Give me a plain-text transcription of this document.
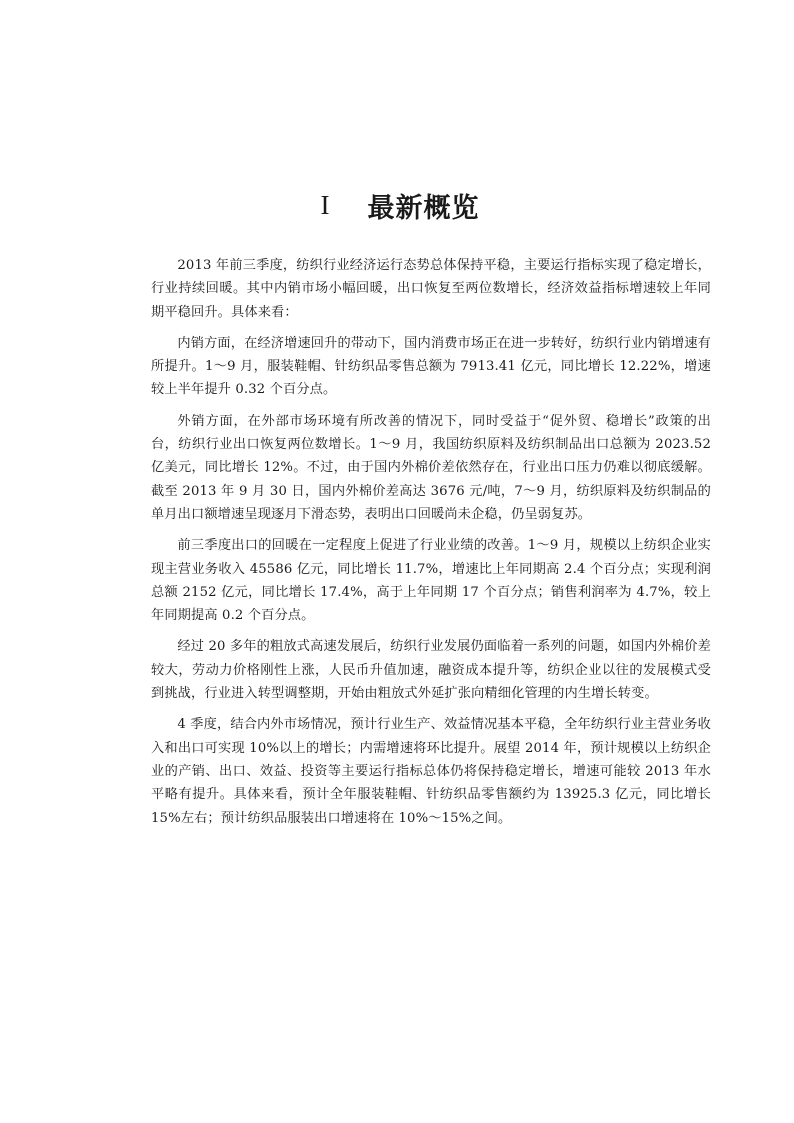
I 最新概览

2013 年前三季度，纺织行业经济运行态势总体保持平稳，主要运行指标实现了稳定增长，行业持续回暖。其中内销市场小幅回暖，出口恢复至两位数增长，经济效益指标增速较上年同期平稳回升。具体来看：

内销方面，在经济增速回升的带动下，国内消费市场正在进一步转好，纺织行业内销增速有所提升。1～9 月，服装鞋帽、针纺织品零售总额为 7913.41 亿元，同比增长 12.22%，增速较上半年提升 0.32 个百分点。

外销方面，在外部市场环境有所改善的情况下，同时受益于“促外贸、稳增长”政策的出台，纺织行业出口恢复两位数增长。1～9 月，我国纺织原料及纺织制品出口总额为 2023.52 亿美元，同比增长 12%。不过，由于国内外棉价差依然存在，行业出口压力仍难以彻底缓解。截至 2013 年 9 月 30 日，国内外棉价差高达 3676 元/吨，7～9 月，纺织原料及纺织制品的单月出口额增速呈现逐月下滑态势，表明出口回暖尚未企稳，仍呈弱复苏。

前三季度出口的回暖在一定程度上促进了行业业绩的改善。1～9 月，规模以上纺织企业实现主营业务收入 45586 亿元，同比增长 11.7%，增速比上年同期高 2.4 个百分点；实现利润总额 2152 亿元，同比增长 17.4%，高于上年同期 17 个百分点；销售利润率为 4.7%，较上年同期提高 0.2 个百分点。

经过 20 多年的粗放式高速发展后，纺织行业发展仍面临着一系列的问题，如国内外棉价差较大，劳动力价格刚性上涨，人民币升值加速，融资成本提升等，纺织企业以往的发展模式受到挑战，行业进入转型调整期，开始由粗放式外延扩张向精细化管理的内生增长转变。

4 季度，结合内外市场情况，预计行业生产、效益情况基本平稳，全年纺织行业主营业务收入和出口可实现 10%以上的增长；内需增速将环比提升。展望 2014 年，预计规模以上纺织企业的产销、出口、效益、投资等主要运行指标总体仍将保持稳定增长，增速可能较 2013 年水平略有提升。具体来看，预计全年服装鞋帽、针纺织品零售额约为 13925.3 亿元，同比增长 15%左右；预计纺织品服装出口增速将在 10%～15%之间。
